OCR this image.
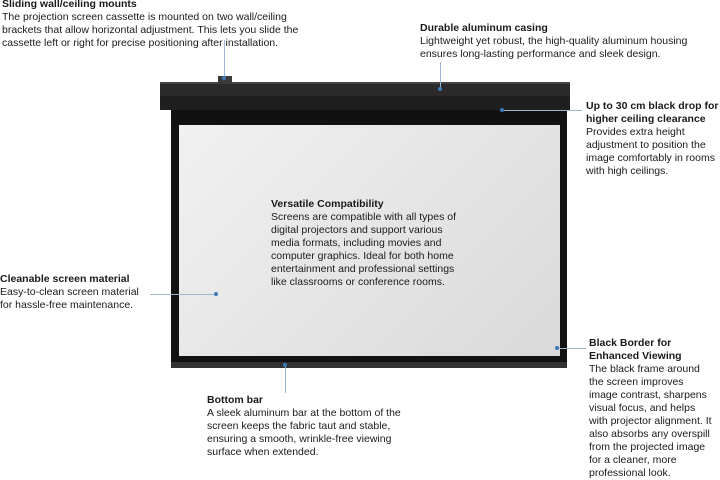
Sliding wall/ceiling mounts
The projection screen cassette is mounted on two wall/ceiling
brackets that allow horizontal adjustment. This lets you slide the
cassette left or right for precise positioning after installation.
Durable aluminum casing
Lightweight yet robust, the high-quality aluminum housing
ensures long-lasting performance and sleek design.
Up to 30 cm black drop for
higher ceiling clearance
Provides extra height
adjustment to position the
image comfortably in rooms
with high ceilings.
Versatile Compatibility
Screens are compatible with all types of
digital projectors and support various
media formats, including movies and
computer graphics. Ideal for both home
entertainment and professional settings
like classrooms or conference rooms.
Cleanable screen material
Easy-to-clean screen material
for hassle-free maintenance.
Black Border for
Enhanced Viewing
The black frame around
the screen improves
image contrast, sharpens
visual focus, and helps
with projector alignment. It
also absorbs any overspill
from the projected image
for a cleaner, more
professional look.
Bottom bar
A sleek aluminum bar at the bottom of the
screen keeps the fabric taut and stable,
ensuring a smooth, wrinkle-free viewing
surface when extended.
